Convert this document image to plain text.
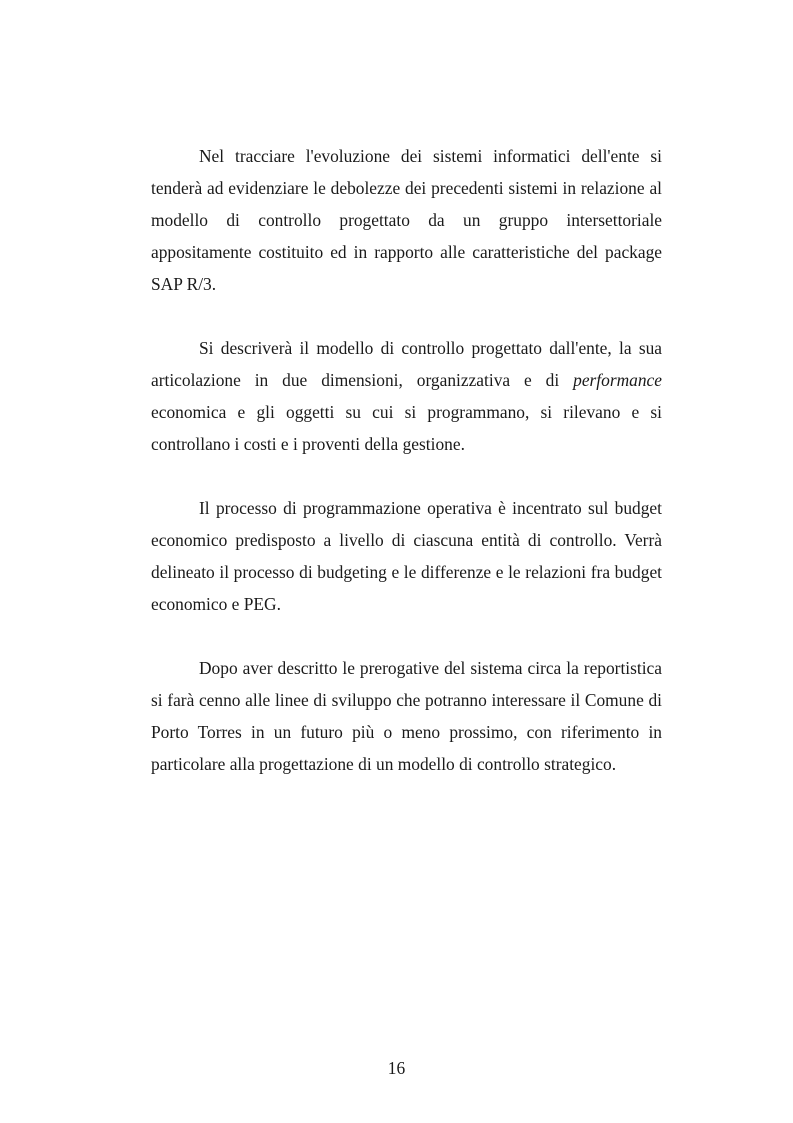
Nel tracciare l'evoluzione dei sistemi informatici dell'ente si tenderà ad evidenziare le debolezze dei precedenti sistemi in relazione al modello di controllo progettato da un gruppo intersettoriale appositamente costituito ed in rapporto alle caratteristiche del package SAP R/3.

Si descriverà il modello di controllo progettato dall'ente, la sua articolazione in due dimensioni, organizzativa e di performance economica e gli oggetti su cui si programmano, si rilevano e si controllano i costi e i proventi della gestione.

Il processo di programmazione operativa è incentrato sul budget economico predisposto a livello di ciascuna entità di controllo. Verrà delineato il processo di budgeting e le differenze e le relazioni fra budget economico e PEG.

Dopo aver descritto le prerogative del sistema circa la reportistica si farà cenno alle linee di sviluppo che potranno interessare il Comune di Porto Torres in un futuro più o meno prossimo, con riferimento in particolare alla progettazione di un modello di controllo strategico.

16
